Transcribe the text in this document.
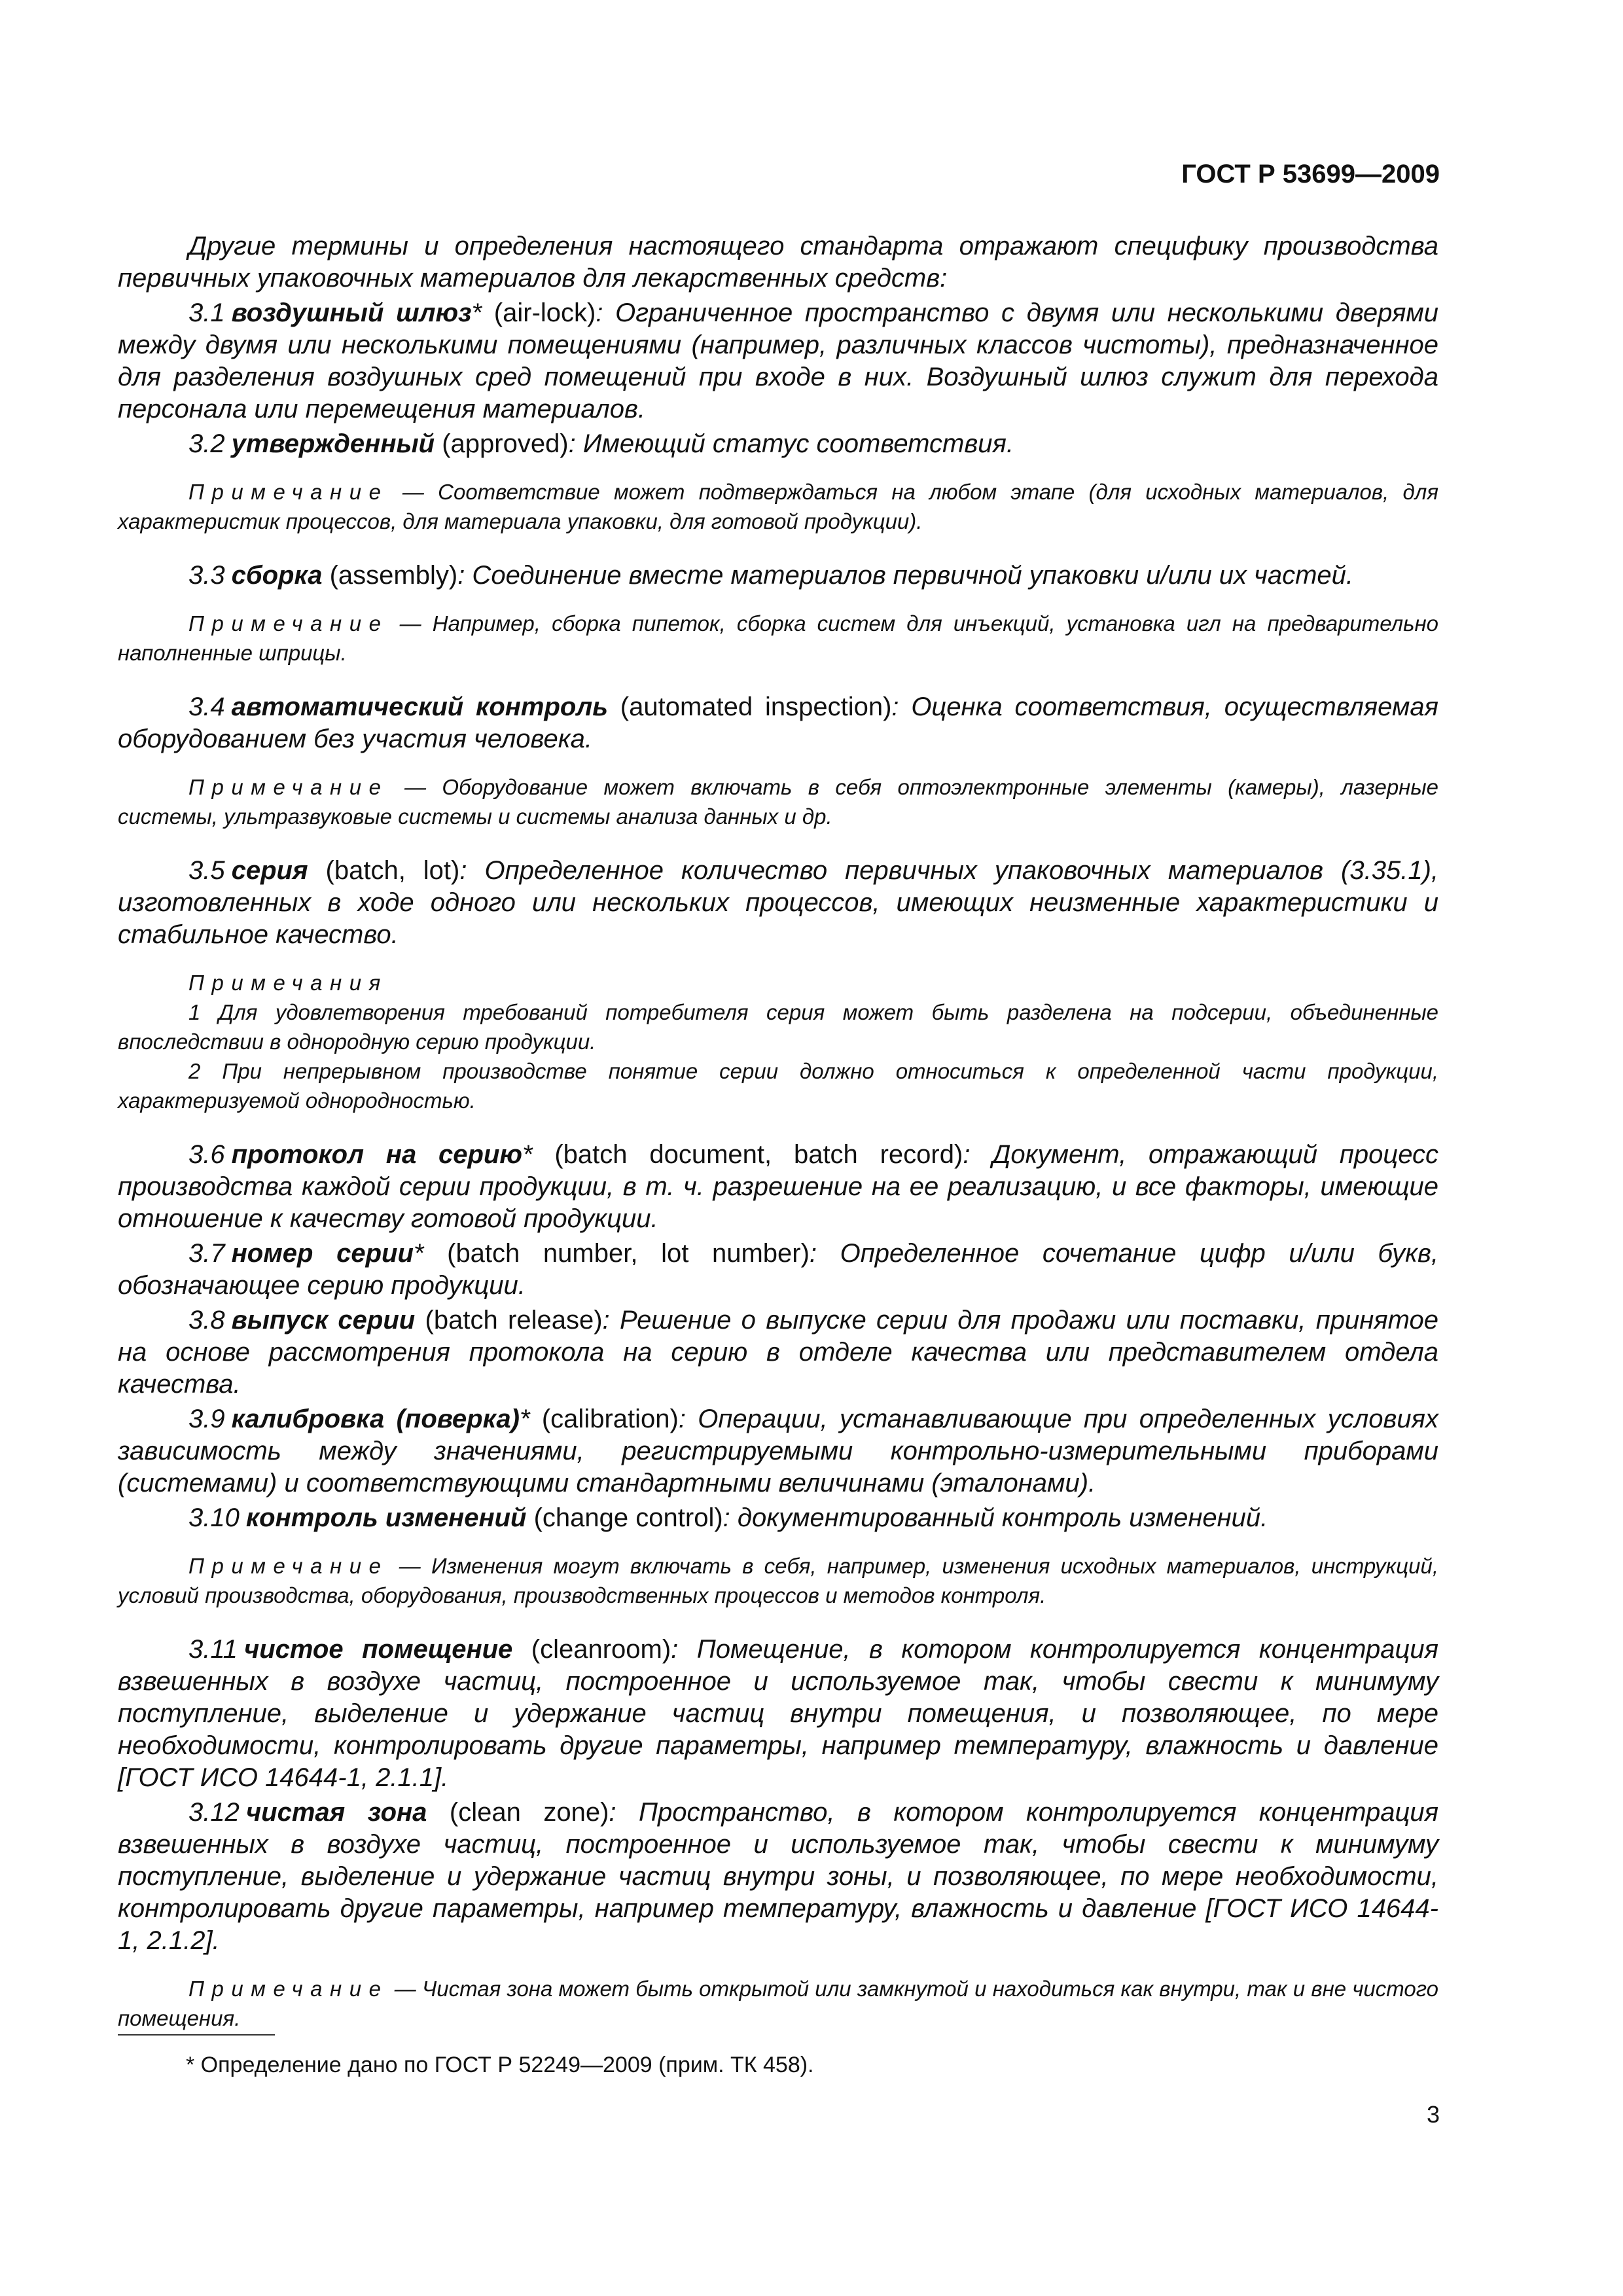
ГОСТ Р 53699—2009

Другие термины и определения настоящего стандарта отражают специфику производства первичных упаковочных материалов для лекарственных средств:

3.1 воздушный шлюз* (air-lock): Ограниченное пространство с двумя или несколькими дверями между двумя или несколькими помещениями (например, различных классов чистоты), предназначенное для разделения воздушных сред помещений при входе в них. Воздушный шлюз служит для перехода персонала или перемещения материалов.

3.2 утвержденный (approved): Имеющий статус соответствия.

Примечание — Соответствие может подтверждаться на любом этапе (для исходных материалов, для характеристик процессов, для материала упаковки, для готовой продукции).

3.3 сборка (assembly): Соединение вместе материалов первичной упаковки и/или их частей.

Примечание — Например, сборка пипеток, сборка систем для инъекций, установка игл на предварительно наполненные шприцы.

3.4 автоматический контроль (automated inspection): Оценка соответствия, осуществляемая оборудованием без участия человека.

Примечание — Оборудование может включать в себя оптоэлектронные элементы (камеры), лазерные системы, ультразвуковые системы и системы анализа данных и др.

3.5 серия (batch, lot): Определенное количество первичных упаковочных материалов (3.35.1), изготовленных в ходе одного или нескольких процессов, имеющих неизменные характеристики и стабильное качество.

Примечания

1 Для удовлетворения требований потребителя серия может быть разделена на подсерии, объединенные впоследствии в однородную серию продукции.

2 При непрерывном производстве понятие серии должно относиться к определенной части продукции, характеризуемой однородностью.

3.6 протокол на серию* (batch document, batch record): Документ, отражающий процесс производства каждой серии продукции, в т. ч. разрешение на ее реализацию, и все факторы, имеющие отношение к качеству готовой продукции.

3.7 номер серии* (batch number, lot number): Определенное сочетание цифр и/или букв, обозначающее серию продукции.

3.8 выпуск серии (batch release): Решение о выпуске серии для продажи или поставки, принятое на основе рассмотрения протокола на серию в отделе качества или представителем отдела качества.

3.9 калибровка (поверка)* (calibration): Операции, устанавливающие при определенных условиях зависимость между значениями, регистрируемыми контрольно-измерительными приборами (системами) и соответствующими стандартными величинами (эталонами).

3.10 контроль изменений (change control): документированный контроль изменений.

Примечание — Изменения могут включать в себя, например, изменения исходных материалов, инструкций, условий производства, оборудования, производственных процессов и методов контроля.

3.11 чистое помещение (cleanroom): Помещение, в котором контролируется концентрация взвешенных в воздухе частиц, построенное и используемое так, чтобы свести к минимуму поступление, выделение и удержание частиц внутри помещения, и позволяющее, по мере необходимости, контролировать другие параметры, например температуру, влажность и давление [ГОСТ ИСО 14644-1, 2.1.1].

3.12 чистая зона (clean zone): Пространство, в котором контролируется концентрация взвешенных в воздухе частиц, построенное и используемое так, чтобы свести к минимуму поступление, выделение и удержание частиц внутри зоны, и позволяющее, по мере необходимости, контролировать другие параметры, например температуру, влажность и давление [ГОСТ ИСО 14644-1, 2.1.2].

Примечание — Чистая зона может быть открытой или замкнутой и находиться как внутри, так и вне чистого помещения.

* Определение дано по ГОСТ Р 52249—2009 (прим. ТК 458).
3
